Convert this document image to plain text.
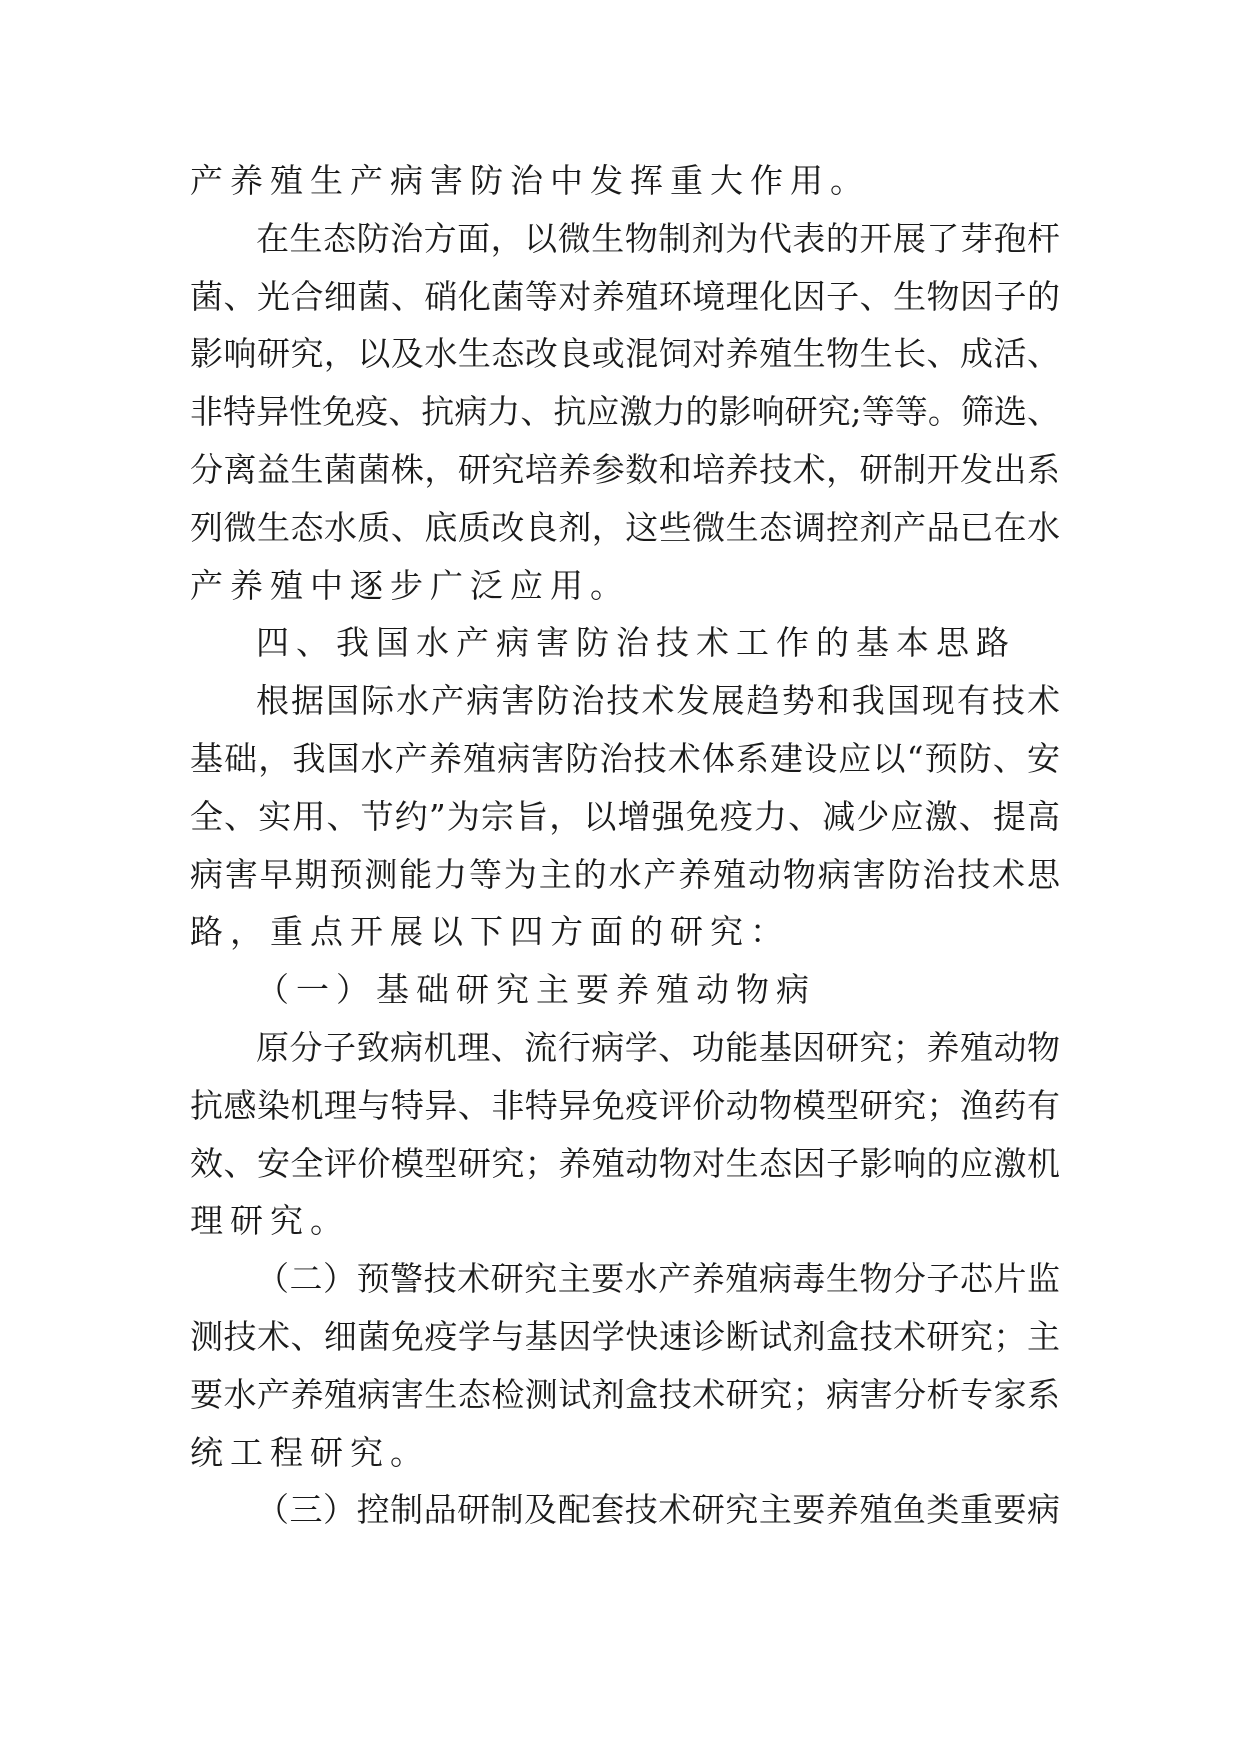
产养殖生产病害防治中发挥重大作用。
在生态防治方面，以微生物制剂为代表的开展了芽孢杆
菌、光合细菌、硝化菌等对养殖环境理化因子、生物因子的
影响研究，以及水生态改良或混饲对养殖生物生长、成活、
非特异性免疫、抗病力、抗应激力的影响研究;等等。筛选、
分离益生菌菌株，研究培养参数和培养技术，研制开发出系
列微生态水质、底质改良剂，这些微生态调控剂产品已在水
产养殖中逐步广泛应用。
四、我国水产病害防治技术工作的基本思路
根据国际水产病害防治技术发展趋势和我国现有技术
基础，我国水产养殖病害防治技术体系建设应以“预防、安
全、实用、节约”为宗旨，以增强免疫力、减少应激、提高
病害早期预测能力等为主的水产养殖动物病害防治技术思
路，重点开展以下四方面的研究：
（一）基础研究主要养殖动物病
原分子致病机理、流行病学、功能基因研究；养殖动物
抗感染机理与特异、非特异免疫评价动物模型研究；渔药有
效、安全评价模型研究；养殖动物对生态因子影响的应激机
理研究。
（二）预警技术研究主要水产养殖病毒生物分子芯片监
测技术、细菌免疫学与基因学快速诊断试剂盒技术研究；主
要水产养殖病害生态检测试剂盒技术研究；病害分析专家系
统工程研究。
（三）控制品研制及配套技术研究主要养殖鱼类重要病
